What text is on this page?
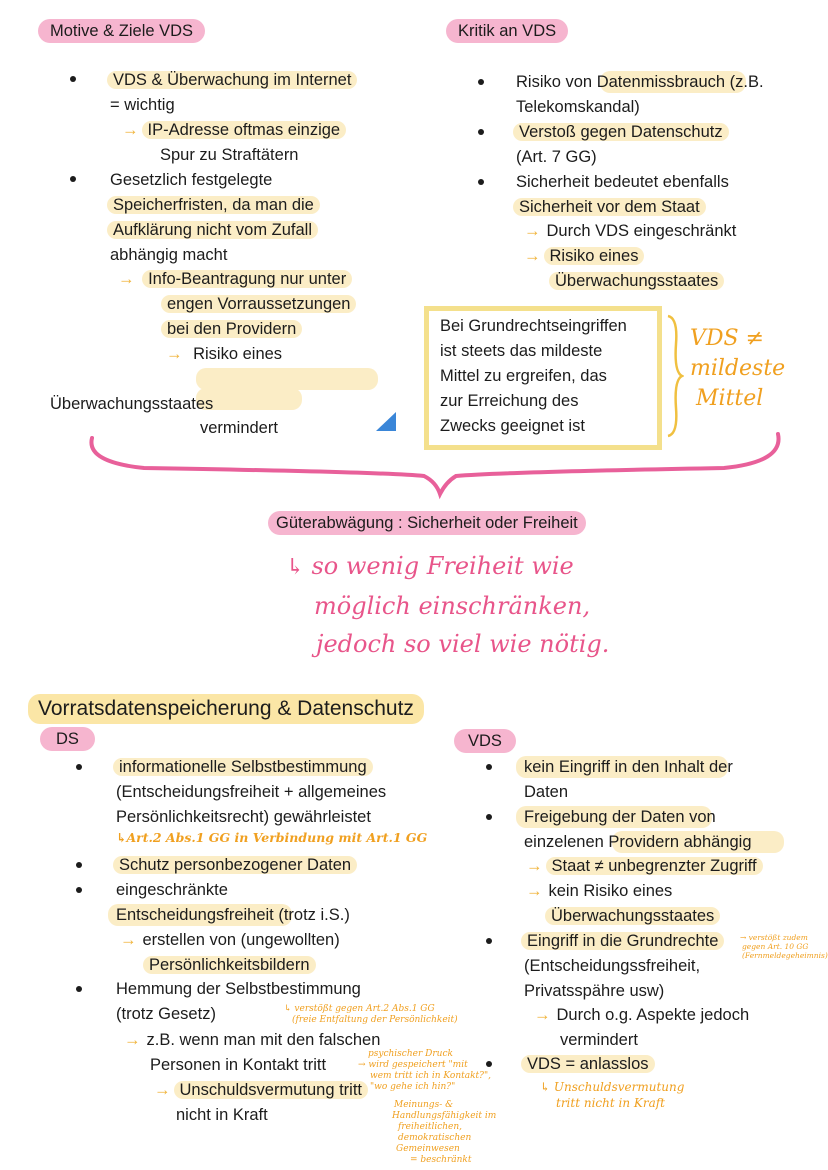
Motive & Ziele VDS
VDS & Überwachung im Internet
= wichtig
→ IP-Adresse oftmas einzige
Spur zu Straftätern
Gesetzlich festgelegte
Speicherfristen, da man die
Aufklärung nicht vom Zufall
abhängig macht
→ Info-Beantragung nur unter
engen Vorraussetzungen
bei den Providern
→ Risiko eines
Überwachungsstaates
vermindert
Kritik an VDS
Risiko von Datenmissbrauch (z.B.
Telekomskandal)
Verstoß gegen Datenschutz
(Art. 7 GG)
Sicherheit bedeutet ebenfalls
Sicherheit vor dem Staat
→ Durch VDS eingeschränkt
→ Risiko eines
Überwachungsstaates
Bei Grundrechtseingriffen
ist steets das mildeste
Mittel zu ergreifen, das
zur Erreichung des
Zwecks geeignet ist
VDS ≠
mildeste
Mittel
Güterabwägung : Sicherheit oder Freiheit
↳ so wenig Freiheit wie
möglich einschränken,
jedoch so viel wie nötig.
Vorratsdatenspeicherung & Datenschutz
DS
informationelle Selbstbestimmung
(Entscheidungsfreiheit + allgemeines
Persönlichkeitsrecht) gewährleistet
↳Art.2 Abs.1 GG in Verbindung mit Art.1 GG
Schutz personbezogener Daten
eingeschränkte
Entscheidungsfreiheit (trotz i.S.)
→ erstellen von (ungewollten)
Persönlichkeitsbildern
Hemmung der Selbstbestimmung
(trotz Gesetz)	↳ verstößt gegen Art.2 Abs.1 GG
(freie Entfaltung der Persönlichkeit)
→ z.B. wenn man mit den falschen
Personen in Kontakt tritt
psychischer Druck
→ wird gespeichert "mit
wem tritt ich in Kontakt?",
"wo gehe ich hin?"
→ Unschuldsvermutung tritt
nicht in Kraft
Meinungs- &
Handlungsfähigkeit im
freiheitlichen,
demokratischen
Gemeinwesen
= beschränkt
VDS
kein Eingriff in den Inhalt der
Daten
Freigebung der Daten von
einzelenen Providern abhängig
→ Staat ≠ unbegrenzter Zugriff
→ kein Risiko eines
Überwachungsstaates
Eingriff in die Grundrechte	→ verstößt zudem
gegen Art. 10 GG
(Fernmeldegeheimnis)
(Entscheidungssfreiheit,
Privatsspähre usw)
→ Durch o.g. Aspekte jedoch
vermindert
VDS = anlasslos
↳ Unschuldsvermutung
tritt nicht in Kraft
